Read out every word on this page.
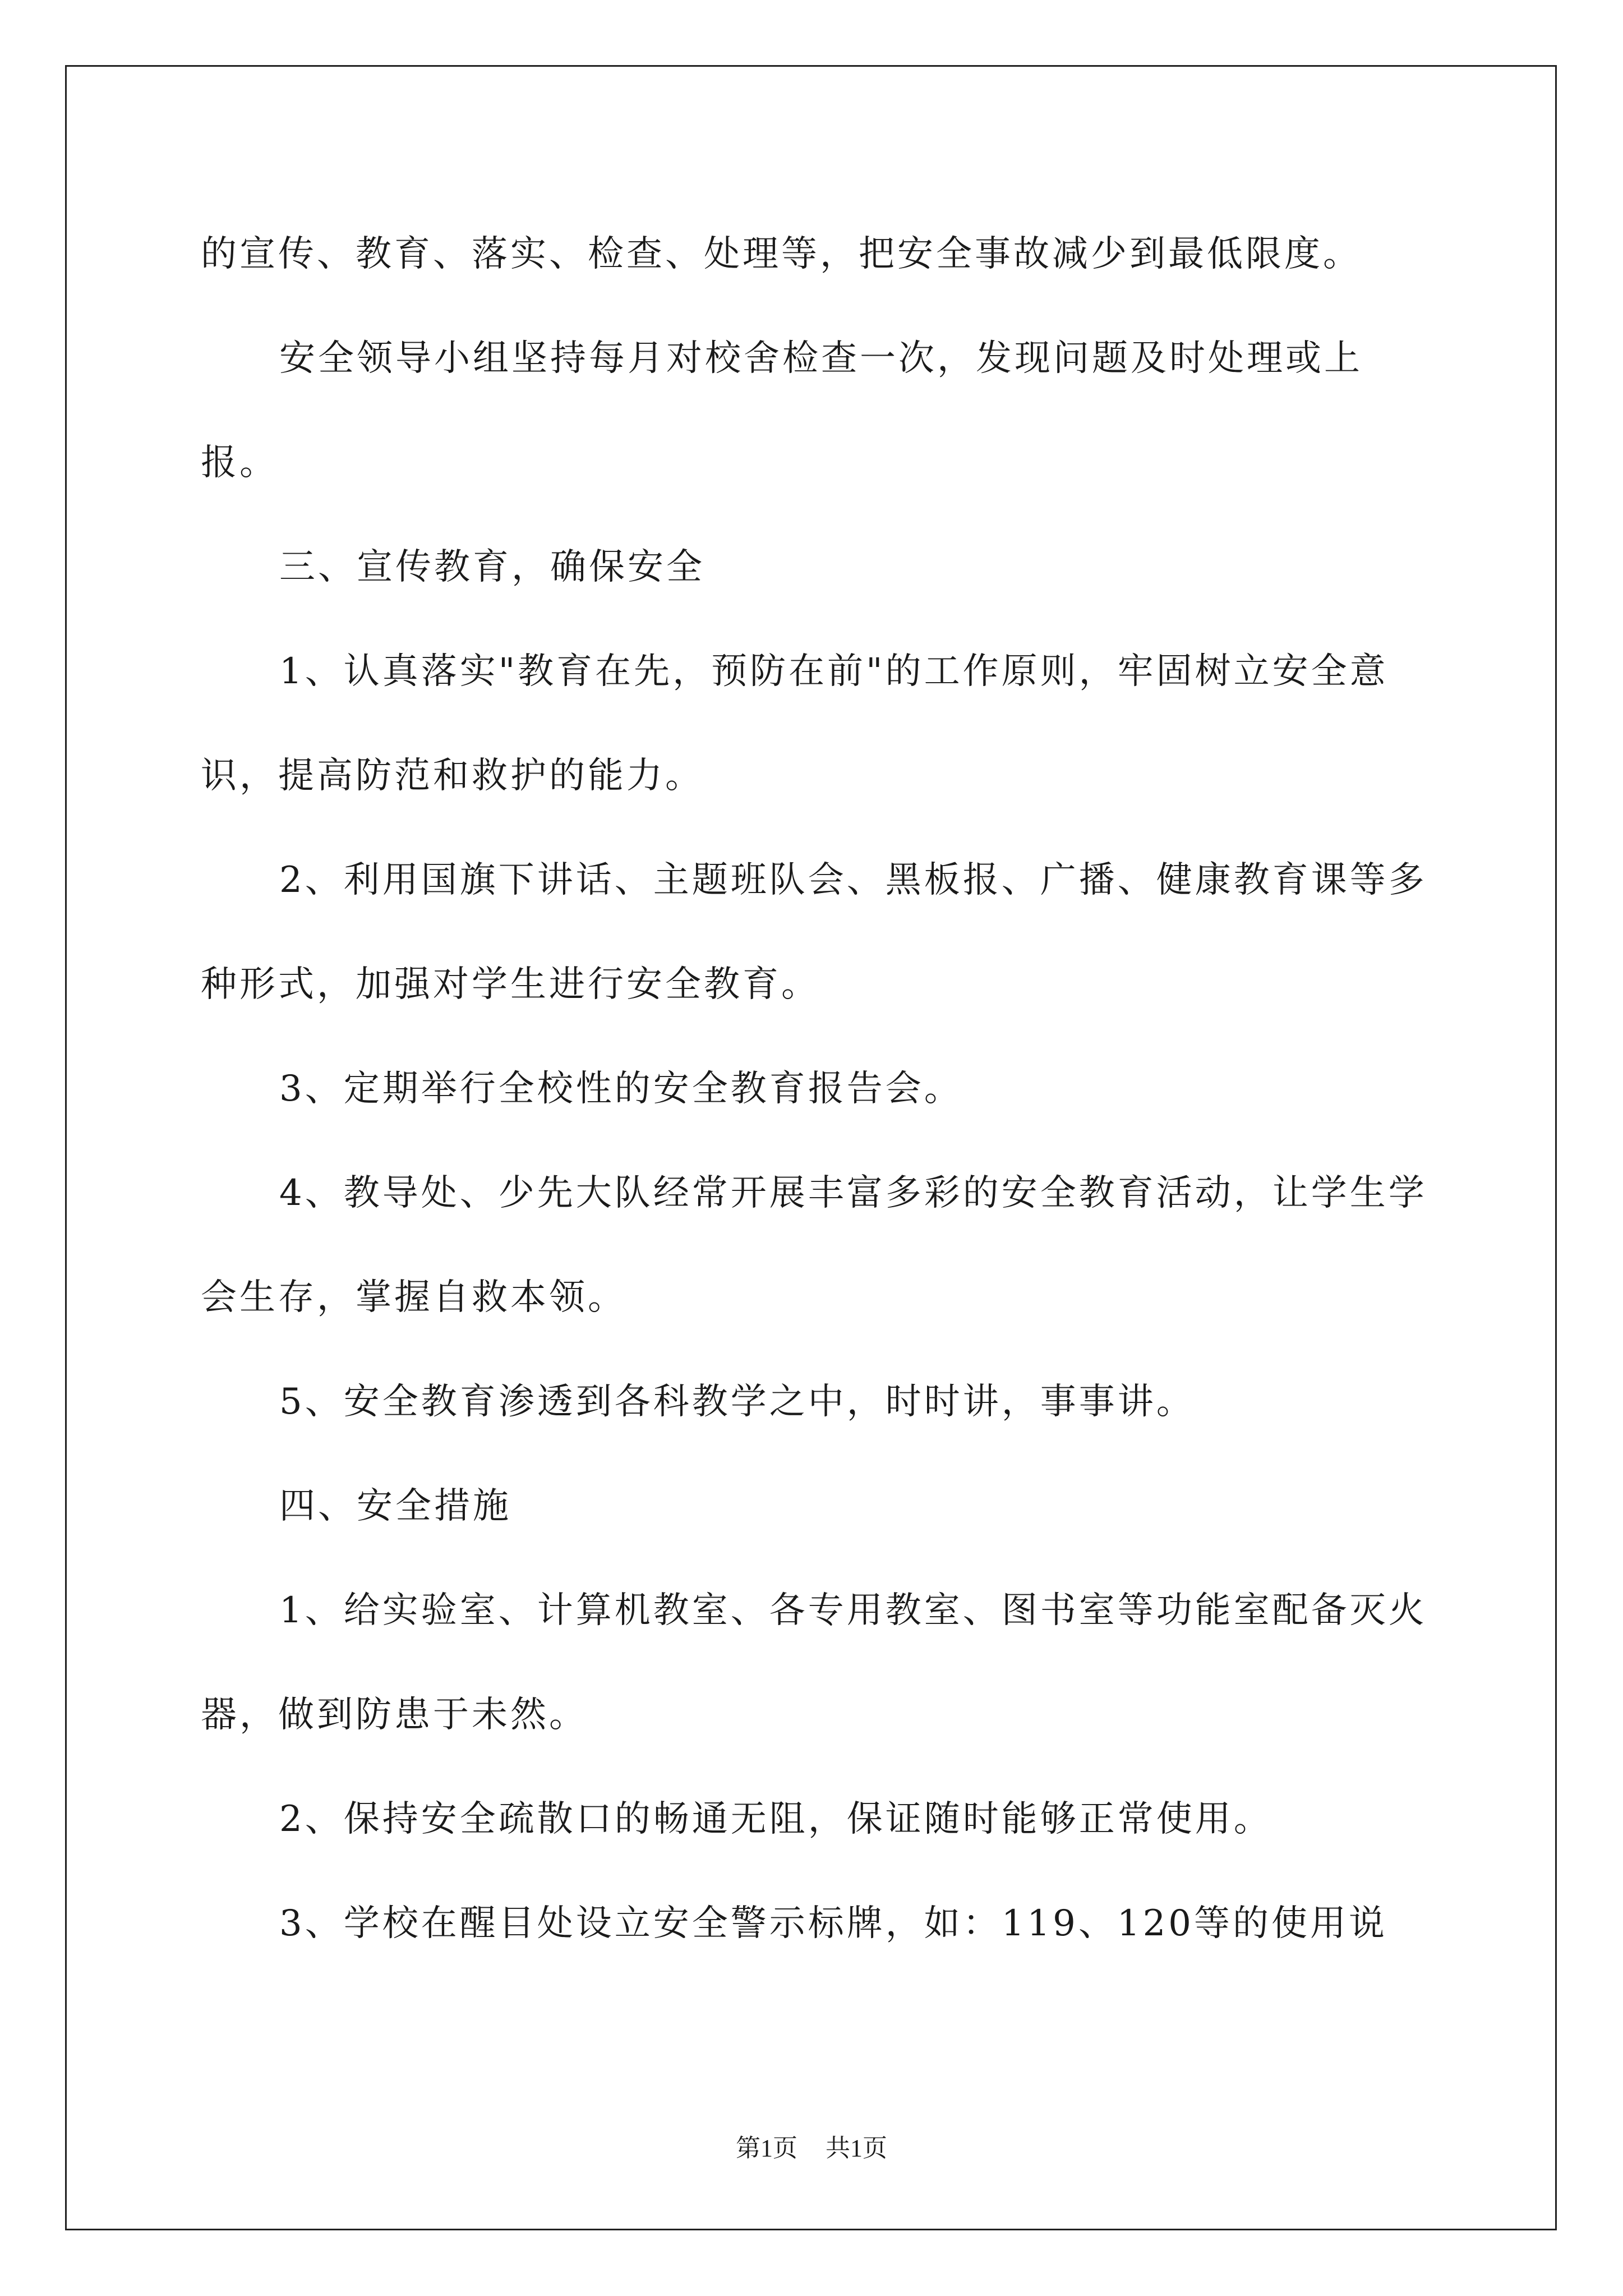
的宣传、教育、落实、检查、处理等，把安全事故减少到最低限度。

安全领导小组坚持每月对校舍检查一次，发现问题及时处理或上报。

三、宣传教育，确保安全

1、认真落实"教育在先，预防在前"的工作原则，牢固树立安全意识，提高防范和救护的能力。

2、利用国旗下讲话、主题班队会、黑板报、广播、健康教育课等多种形式，加强对学生进行安全教育。

3、定期举行全校性的安全教育报告会。

4、教导处、少先大队经常开展丰富多彩的安全教育活动，让学生学会生存，掌握自救本领。

5、安全教育渗透到各科教学之中，时时讲，事事讲。

四、安全措施

1、给实验室、计算机教室、各专用教室、图书室等功能室配备灭火器，做到防患于未然。

2、保持安全疏散口的畅通无阻，保证随时能够正常使用。

3、学校在醒目处设立安全警示标牌，如：119、120等的使用说

第1页 共1页
